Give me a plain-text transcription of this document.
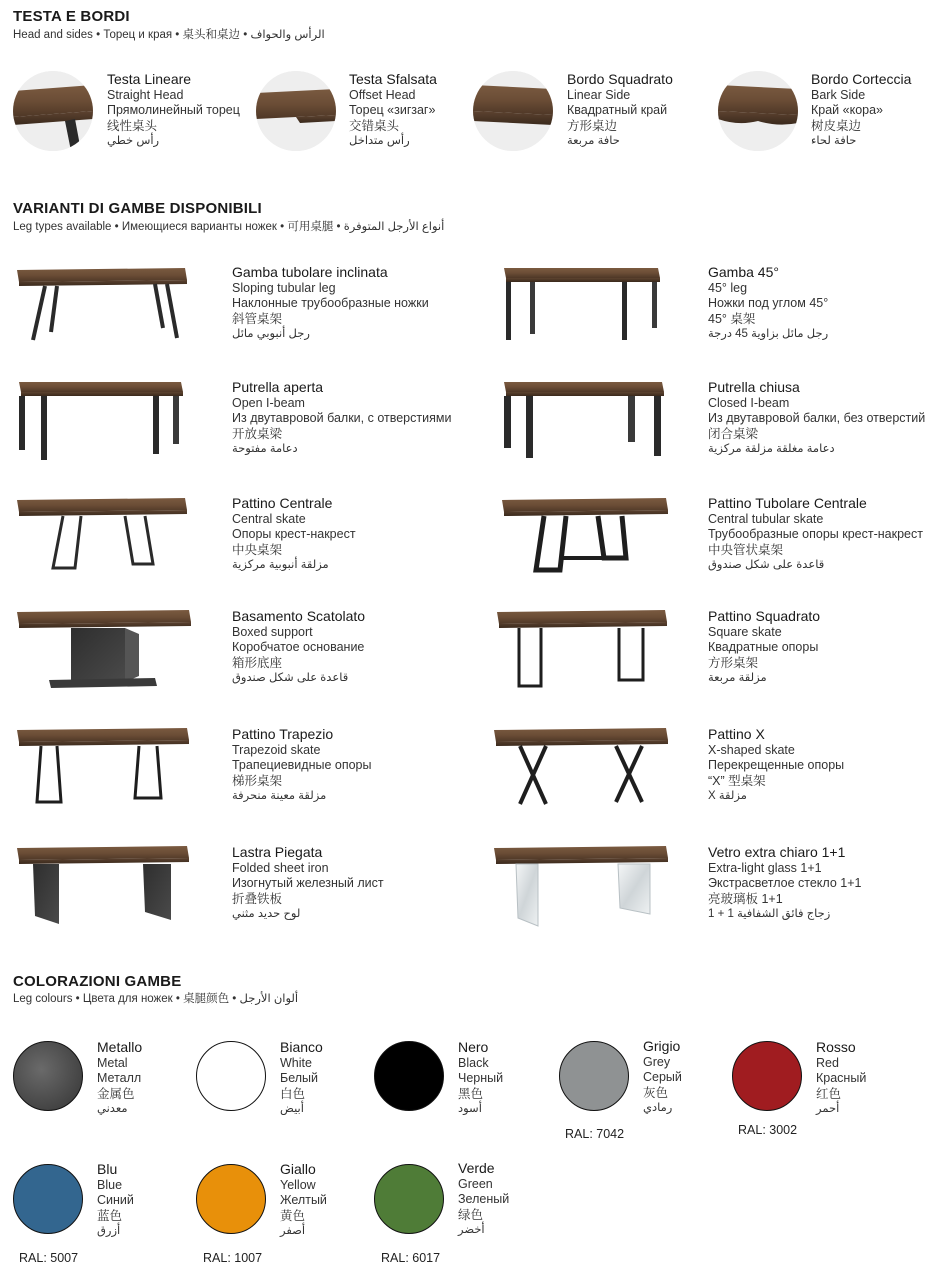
TESTA E BORDI
Head and sides • Торец и края • 桌头和桌边 • الرأس والحواف
Testa Lineare
Straight Head
Прямолинейный торец
线性桌头
رأس خطي
Testa Sfalsata
Offset Head
Торец «зигзаг»
交错桌头
رأس متداخل
Bordo Squadrato
Linear Side
Квадратный край
方形桌边
حافة مربعة
Bordo Corteccia
Bark Side
Край «кора»
树皮桌边
حافة لحاء
VARIANTI DI GAMBE DISPONIBILI
Leg types available • Имеющиеся варианты ножек • 可用桌腿 • أنواع الأرجل المتوفرة
Gamba tubolare inclinata
Sloping tubular leg
Наклонные трубообразные ножки
斜管桌架
رجل أنبوبي مائل
Gamba 45°
45° leg
Ножки под углом 45°
45° 桌架
رجل مائل بزاوية 45 درجة
Putrella aperta
Open I-beam
Из двутавровой балки, с отверстиями
开放桌梁
دعامة مفتوحة
Putrella chiusa
Closed I-beam
Из двутавровой балки, без отверстий
闭合桌梁
دعامة مغلقة مزلقة مركزية
Pattino Centrale
Central skate
Опоры крест-накрест
中央桌架
مزلقة أنبوبية مركزية
Pattino Tubolare Centrale
Central tubular skate
Трубообразные опоры крест-накрест
中央管状桌架
قاعدة على شكل صندوق
Basamento Scatolato
Boxed support
Коробчатое основание
箱形底座
قاعدة على شكل صندوق
Pattino Squadrato
Square skate
Квадратные опоры
方形桌架
مزلقة مربعة
Pattino Trapezio
Trapezoid skate
Трапециевидные опоры
梯形桌架
مزلقة معينة منحرفة
Pattino X
X-shaped skate
Перекрещенные опоры
“X” 型桌架
مزلقة X
Lastra Piegata
Folded sheet iron
Изогнутый железный лист
折叠铁板
لوح حديد مثني
Vetro extra chiaro 1+1
Extra-light glass 1+1
Экстрасветлое стекло 1+1
亮玻璃板 1+1
زجاج فائق الشفافية 1 + 1
COLORAZIONI GAMBE
Leg colours • Цвета для ножек • 桌腿颜色 • ألوان الأرجل
Metallo
Metal
Металл
金属色
معدني
Bianco
White
Белый
白色
أبيض
Nero
Black
Черный
黑色
أسود
Grigio
Grey
Серый
灰色
رمادي
RAL: 7042
Rosso
Red
Красный
红色
أحمر
RAL: 3002
Blu
Blue
Синий
蓝色
أزرق
RAL: 5007
Giallo
Yellow
Желтый
黄色
أصفر
RAL: 1007
Verde
Green
Зеленый
绿色
أخضر
RAL: 6017
